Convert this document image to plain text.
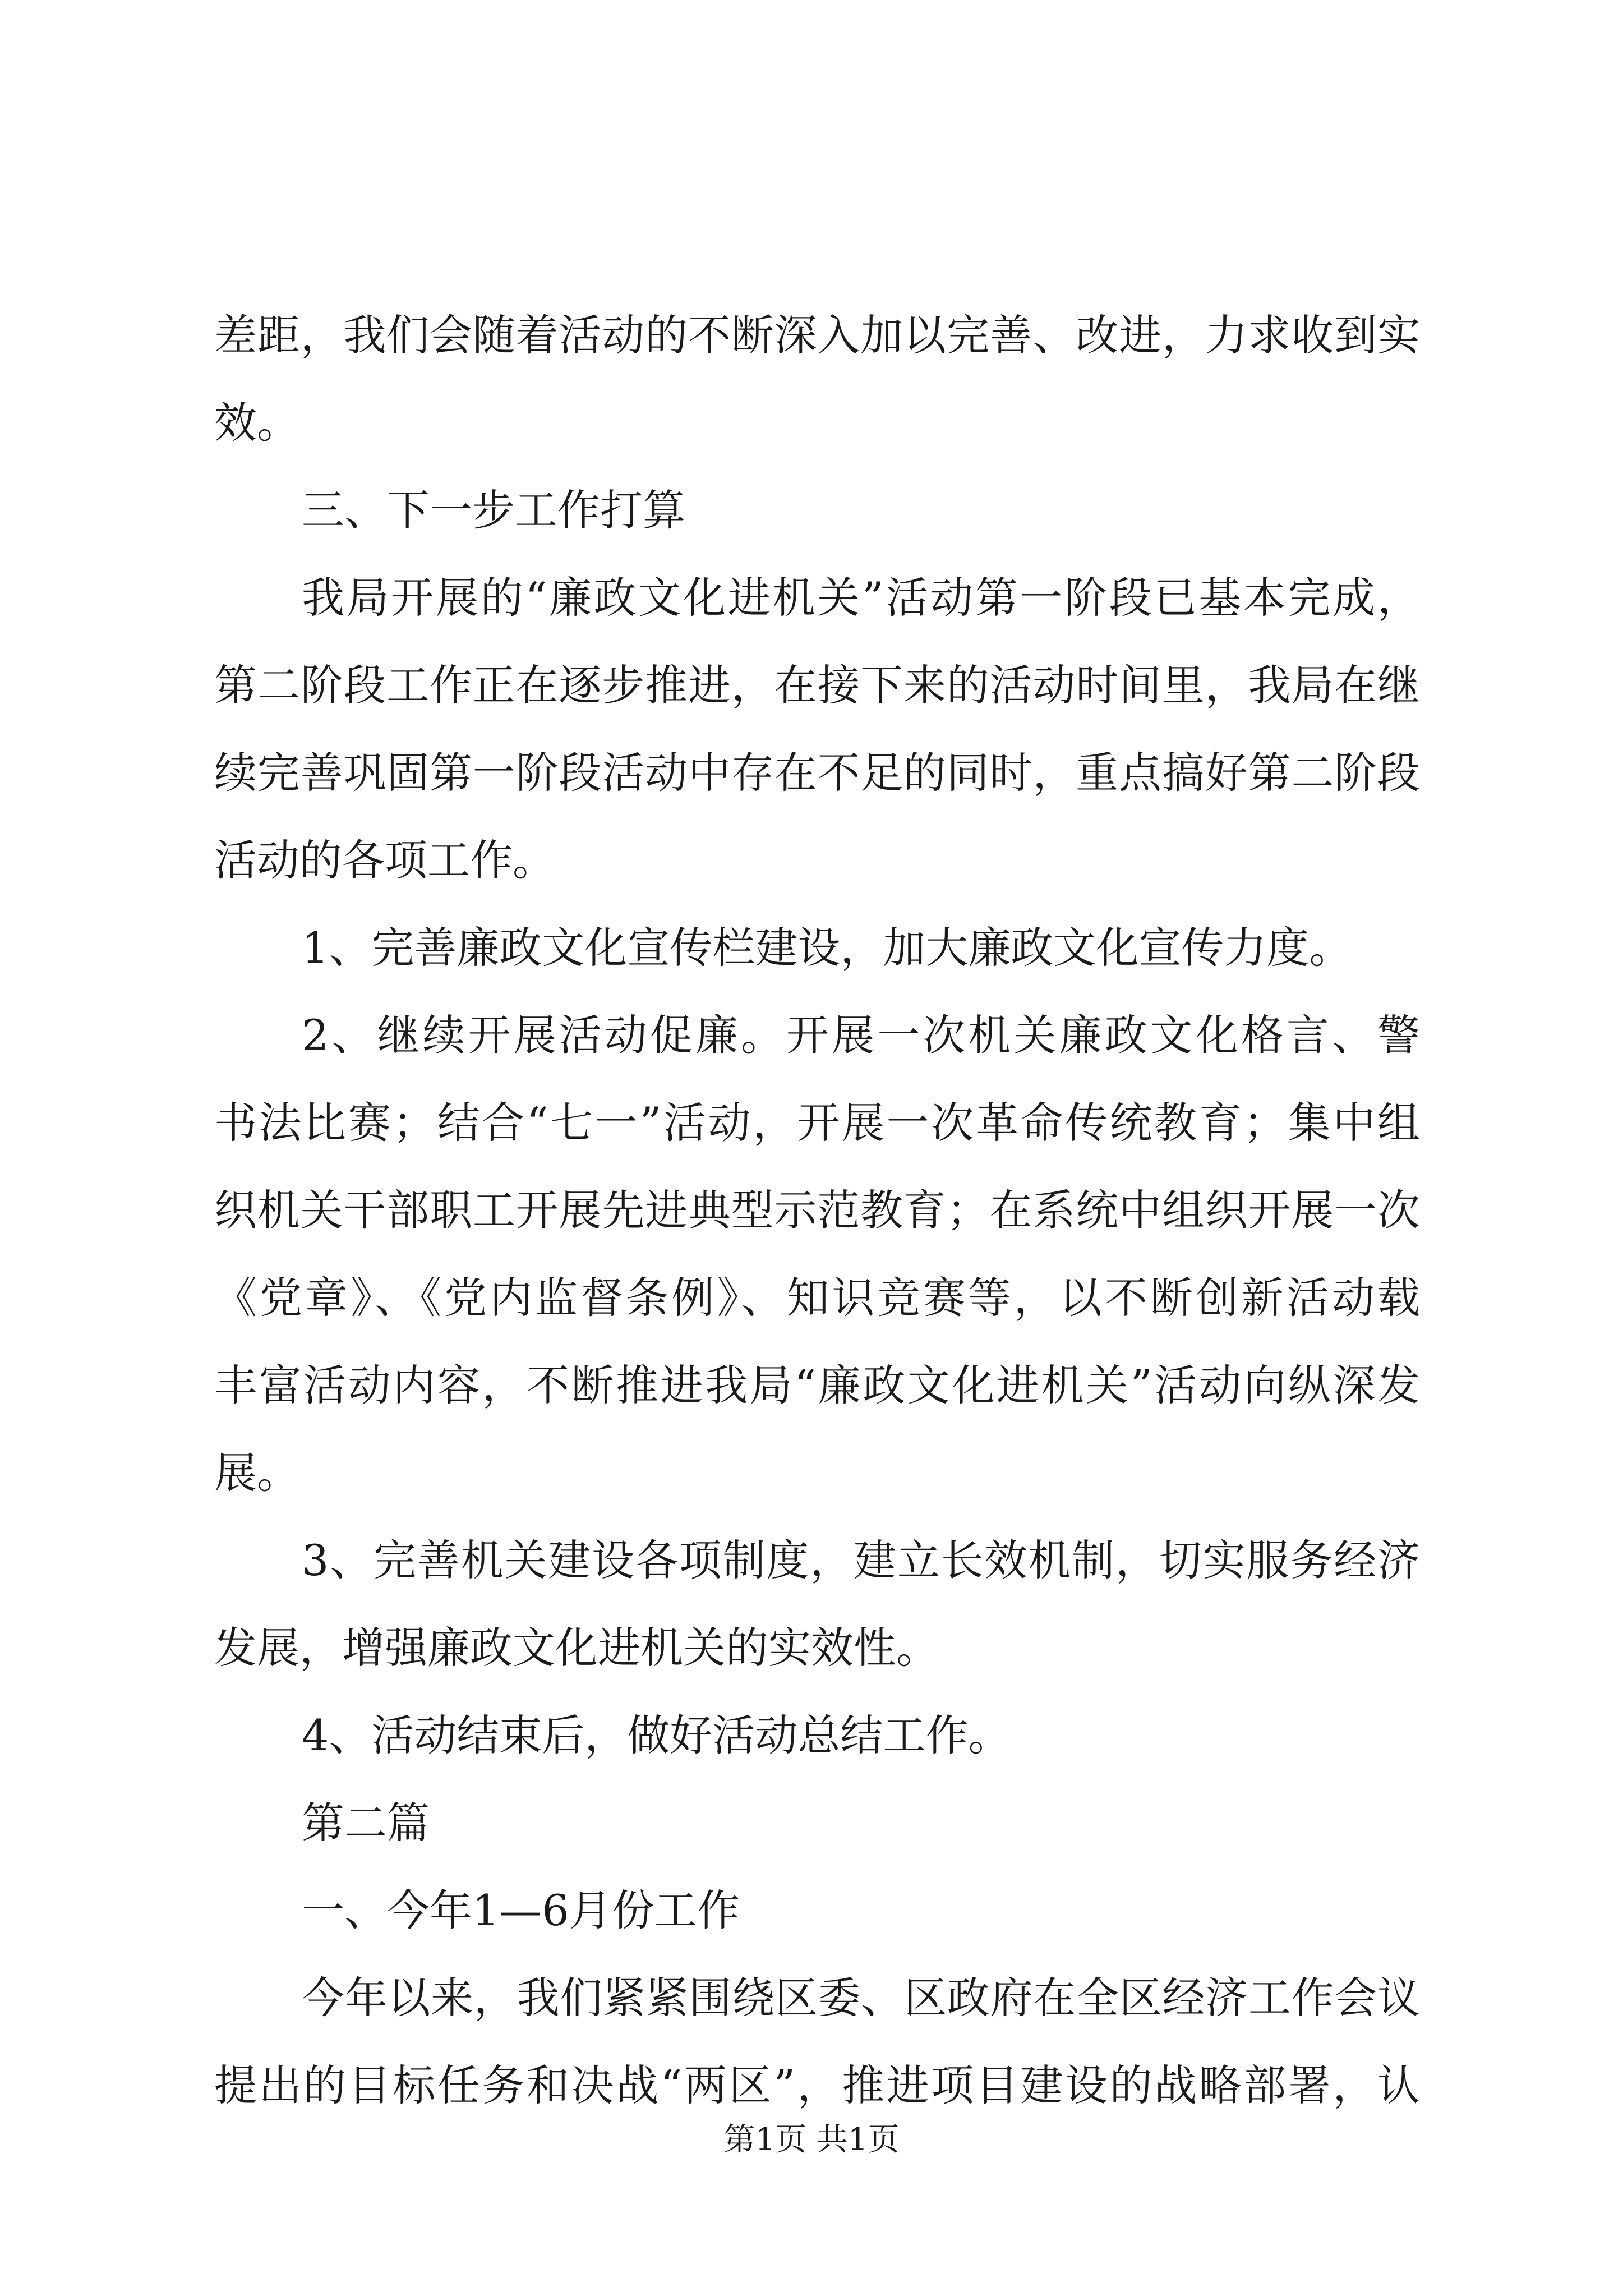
差距，我们会随着活动的不断深入加以完善、改进，力求收到实
效。
三、下一步工作打算
我局开展的“廉政文化进机关”活动第一阶段已基本完成，
第二阶段工作正在逐步推进，在接下来的活动时间里，我局在继
续完善巩固第一阶段活动中存在不足的同时，重点搞好第二阶段
活动的各项工作。
1、完善廉政文化宣传栏建设，加大廉政文化宣传力度。
2、继续开展活动促廉。开展一次机关廉政文化格言、警
书法比赛；结合“七一”活动，开展一次革命传统教育；集中组
织机关干部职工开展先进典型示范教育；在系统中组织开展一次
《党章》、《党内监督条例》、知识竞赛等，以不断创新活动载
丰富活动内容，不断推进我局“廉政文化进机关”活动向纵深发
展。
3、完善机关建设各项制度，建立长效机制，切实服务经济
发展，增强廉政文化进机关的实效性。
4、活动结束后，做好活动总结工作。
第二篇
一、今年1—6月份工作
今年以来，我们紧紧围绕区委、区政府在全区经济工作会议
提出的目标任务和决战“两区”，推进项目建设的战略部署，认
第1页 共1页
